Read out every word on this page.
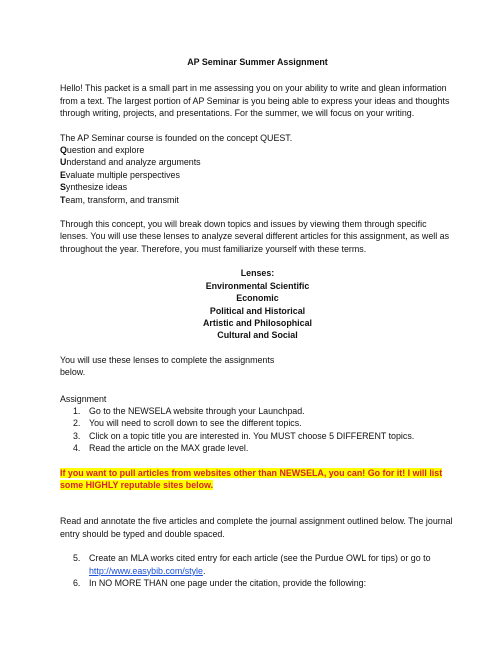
AP Seminar Summer Assignment

Hello! This packet is a small part in me assessing you on your ability to write and glean information from a text. The largest portion of AP Seminar is you being able to express your ideas and thoughts through writing, projects, and presentations. For the summer, we will focus on your writing.

The AP Seminar course is founded on the concept QUEST.

Question and explore
Understand and analyze arguments
Evaluate multiple perspectives
Synthesize ideas
Team, transform, and transmit

Through this concept, you will break down topics and issues by viewing them through specific lenses. You will use these lenses to analyze several different articles for this assignment, as well as throughout the year. Therefore, you must familiarize yourself with these terms.

Lenses:
Environmental Scientific
Economic
Political and Historical
Artistic and Philosophical
Cultural and Social

You will use these lenses to complete the assignments below.

Assignment
1. Go to the NEWSELA website through your Launchpad.
2. You will need to scroll down to see the different topics.
3. Click on a topic title you are interested in. You MUST choose 5 DIFFERENT topics.
4. Read the article on the MAX grade level.

If you want to pull articles from websites other than NEWSELA, you can! Go for it! I will list some HIGHLY reputable sites below.

Read and annotate the five articles and complete the journal assignment outlined below. The journal entry should be typed and double spaced.

5. Create an MLA works cited entry for each article (see the Purdue OWL for tips) or go to http://www.easybib.com/style.
6. In NO MORE THAN one page under the citation, provide the following:
